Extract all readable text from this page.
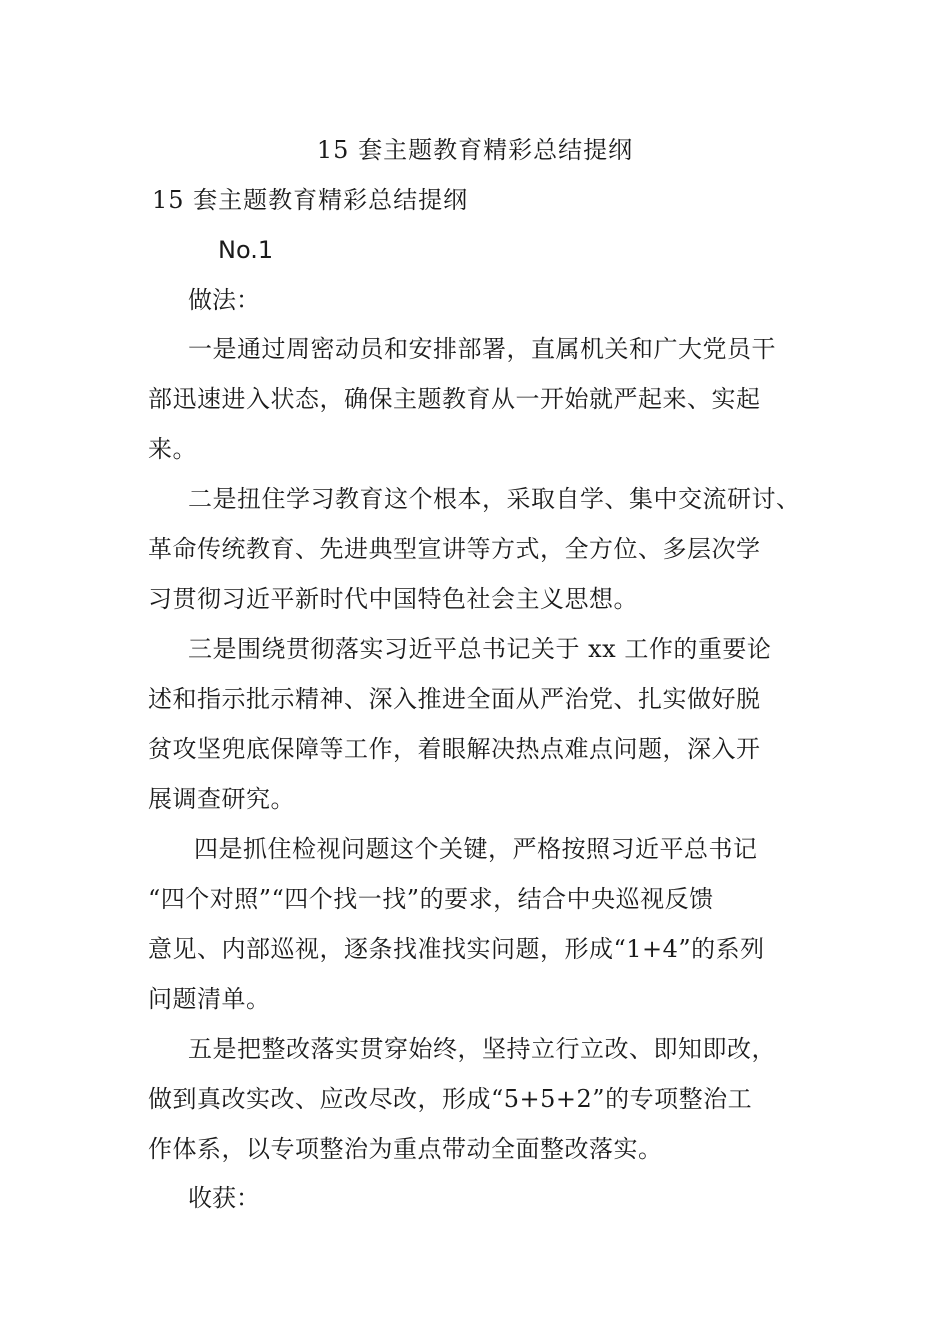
15 套主题教育精彩总结提纲
15 套主题教育精彩总结提纲
No.1
做法：
一是通过周密动员和安排部署，直属机关和广大党员干
部迅速进入状态，确保主题教育从一开始就严起来、实起
来。
二是扭住学习教育这个根本，采取自学、集中交流研讨、
革命传统教育、先进典型宣讲等方式，全方位、多层次学
习贯彻习近平新时代中国特色社会主义思想。
三是围绕贯彻落实习近平总书记关于 xx 工作的重要论
述和指示批示精神、深入推进全面从严治党、扎实做好脱
贫攻坚兜底保障等工作，着眼解决热点难点问题，深入开
展调查研究。
四是抓住检视问题这个关键，严格按照习近平总书记
“四个对照”“四个找一找”的要求，结合中央巡视反馈
意见、内部巡视，逐条找准找实问题，形成“1+4”的系列
问题清单。
五是把整改落实贯穿始终，坚持立行立改、即知即改，
做到真改实改、应改尽改，形成“5+5+2”的专项整治工
作体系，以专项整治为重点带动全面整改落实。
收获：
